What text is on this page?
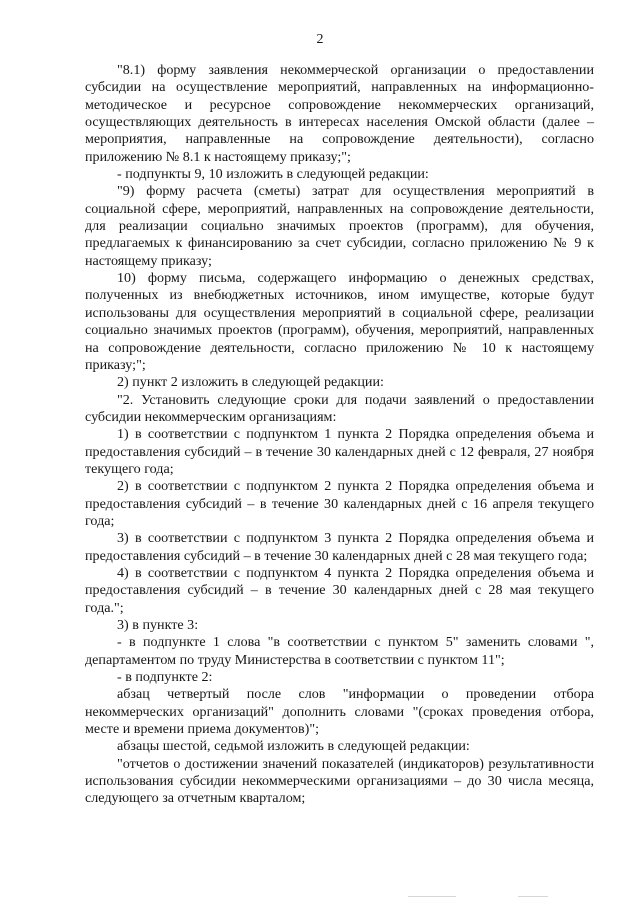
2

"8.1) форму заявления некоммерческой организации о предоставлении субсидии на осуществление мероприятий, направленных на информационно-методическое и ресурсное сопровождение некоммерческих организаций, осуществляющих деятельность в интересах населения Омской области (далее – мероприятия, направленные на сопровождение деятельности), согласно приложению № 8.1 к настоящему приказу;";

- подпункты 9, 10 изложить в следующей редакции:

"9) форму расчета (сметы) затрат для осуществления мероприятий в социальной сфере, мероприятий, направленных на сопровождение деятельности, для реализации социально значимых проектов (программ), для обучения, предлагаемых к финансированию за счет субсидии, согласно приложению № 9 к настоящему приказу;

10) форму письма, содержащего информацию о денежных средствах, полученных из внебюджетных источников, ином имуществе, которые будут использованы для осуществления мероприятий в социальной сфере, реализации социально значимых проектов (программ), обучения, мероприятий, направленных на сопровождение деятельности, согласно приложению № 10 к настоящему приказу;";

2) пункт 2 изложить в следующей редакции:

"2. Установить следующие сроки для подачи заявлений о предоставлении субсидии некоммерческим организациям:

1) в соответствии с подпунктом 1 пункта 2 Порядка определения объема и предоставления субсидий – в течение 30 календарных дней с 12 февраля, 27 ноября текущего года;

2) в соответствии с подпунктом 2 пункта 2 Порядка определения объема и предоставления субсидий – в течение 30 календарных дней с 16 апреля текущего года;

3) в соответствии с подпунктом 3 пункта 2 Порядка определения объема и предоставления субсидий – в течение 30 календарных дней с 28 мая текущего года;

4) в соответствии с подпунктом 4 пункта 2 Порядка определения объема и предоставления субсидий – в течение 30 календарных дней с 28 мая текущего года.";

3) в пункте 3:

- в подпункте 1 слова "в соответствии с пунктом 5" заменить словами ", департаментом по труду Министерства в соответствии с пунктом 11";

- в подпункте 2:

абзац четвертый после слов "информации о проведении отбора некоммерческих организаций" дополнить словами "(сроках проведения отбора, месте и времени приема документов)";

абзацы шестой, седьмой изложить в следующей редакции:

"отчетов о достижении значений показателей (индикаторов) результативности использования субсидии некоммерческими организациями – до 30 числа месяца, следующего за отчетным кварталом;
